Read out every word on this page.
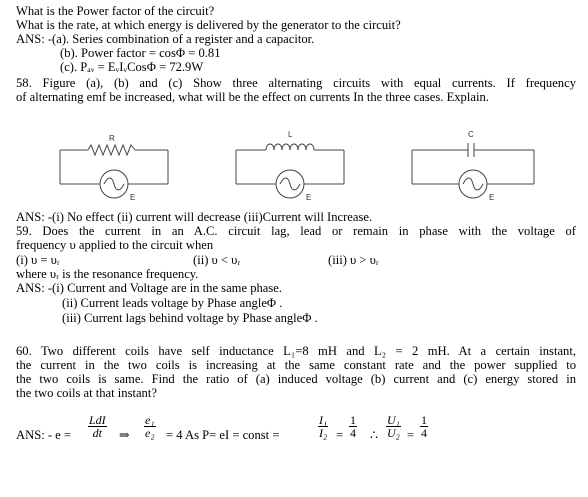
What is the Power factor of the circuit?
What is the rate, at which energy is delivered by the generator to the circuit?
ANS: -(a). Series combination of a register and a capacitor.
(b). Power factor = cosΦ = 0.81
(c). Pₐᵥ = EᵥIᵥCosΦ = 72.9W
58. Figure (a), (b) and (c) Show three alternating circuits with equal currents. If frequency
of alternating emf be increased, what will be the effect on currents In the three cases. Explain.
R
E
L
E
C
E
ANS: -(i) No effect (ii) current will decrease (iii)Current will Increase.
59. Does the current in an A.C. circuit lag, lead or remain in phase with the voltage of
frequency υ applied to the circuit when
(i) υ = υᵣ	(ii) υ < υᵣ	(iii) υ > υᵣ
where υᵣ is the resonance frequency.
ANS: -(i) Current and Voltage are in the same phase.
(ii) Current leads voltage by Phase angleΦ .
(iii) Current lags behind voltage by Phase angleΦ .
60. Two different coils have self inductance L₁=8 mH and L₂ = 2 mH. At a certain instant,
the current in the two coils is increasing at the same constant rate and the power supplied to
the two coils is same. Find the ratio of (a) induced voltage (b) current and (c) energy stored in
the two coils at that instant?
ANS: - e =
LdI
dt	⇒ $\frac{\text{e₁}}{\text{e₂}} = 4$ As P= eI = const =	$\frac{\text{I₁}}{\text{I₂}} = \frac{1}{4}$ ∴ $\frac{\text{U₁}}{\text{U₂}} = \frac{1}{4}$
